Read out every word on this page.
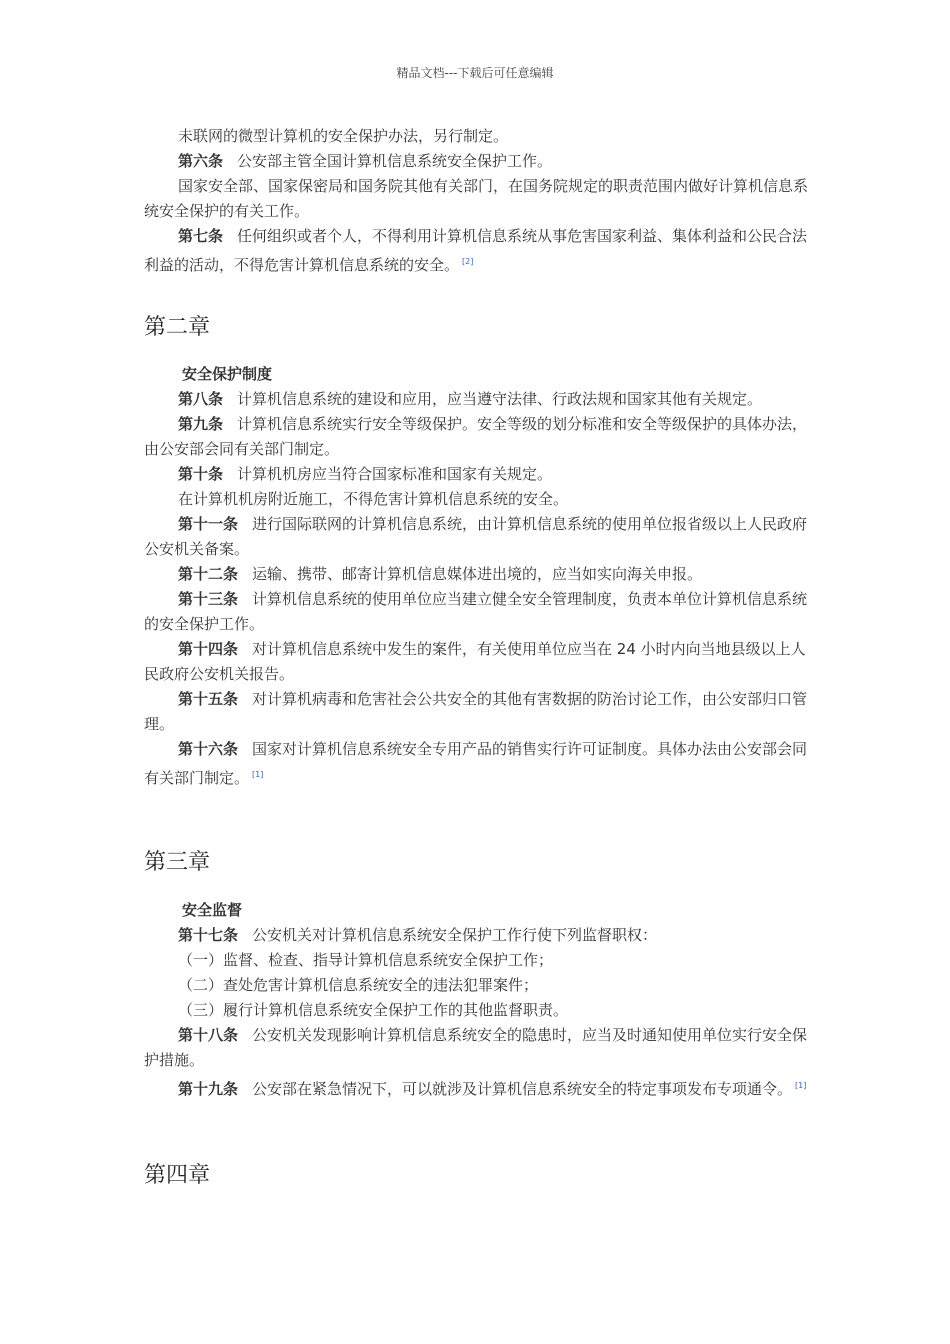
精品文档---下载后可任意编辑

未联网的微型计算机的安全保护办法，另行制定。

第六条 公安部主管全国计算机信息系统安全保护工作。

国家安全部、国家保密局和国务院其他有关部门，在国务院规定的职责范围内做好计算机信息系统安全保护的有关工作。

第七条 任何组织或者个人，不得利用计算机信息系统从事危害国家利益、集体利益和公民合法利益的活动，不得危害计算机信息系统的安全。 [2]

第二章

安全保护制度

第八条 计算机信息系统的建设和应用，应当遵守法律、行政法规和国家其他有关规定。

第九条 计算机信息系统实行安全等级保护。安全等级的划分标准和安全等级保护的具体办法，由公安部会同有关部门制定。

第十条 计算机机房应当符合国家标准和国家有关规定。

在计算机机房附近施工，不得危害计算机信息系统的安全。

第十一条 进行国际联网的计算机信息系统，由计算机信息系统的使用单位报省级以上人民政府公安机关备案。

第十二条 运输、携带、邮寄计算机信息媒体进出境的，应当如实向海关申报。

第十三条 计算机信息系统的使用单位应当建立健全安全管理制度，负责本单位计算机信息系统的安全保护工作。

第十四条 对计算机信息系统中发生的案件，有关使用单位应当在 24 小时内向当地县级以上人民政府公安机关报告。

第十五条 对计算机病毒和危害社会公共安全的其他有害数据的防治讨论工作，由公安部归口管理。

第十六条 国家对计算机信息系统安全专用产品的销售实行许可证制度。具体办法由公安部会同有关部门制定。 [1]

第三章

安全监督

第十七条 公安机关对计算机信息系统安全保护工作行使下列监督职权：

（一）监督、检查、指导计算机信息系统安全保护工作；

（二）查处危害计算机信息系统安全的违法犯罪案件；

（三）履行计算机信息系统安全保护工作的其他监督职责。

第十八条 公安机关发现影响计算机信息系统安全的隐患时，应当及时通知使用单位实行安全保护措施。

第十九条 公安部在紧急情况下，可以就涉及计算机信息系统安全的特定事项发布专项通令。 [1]

第四章
